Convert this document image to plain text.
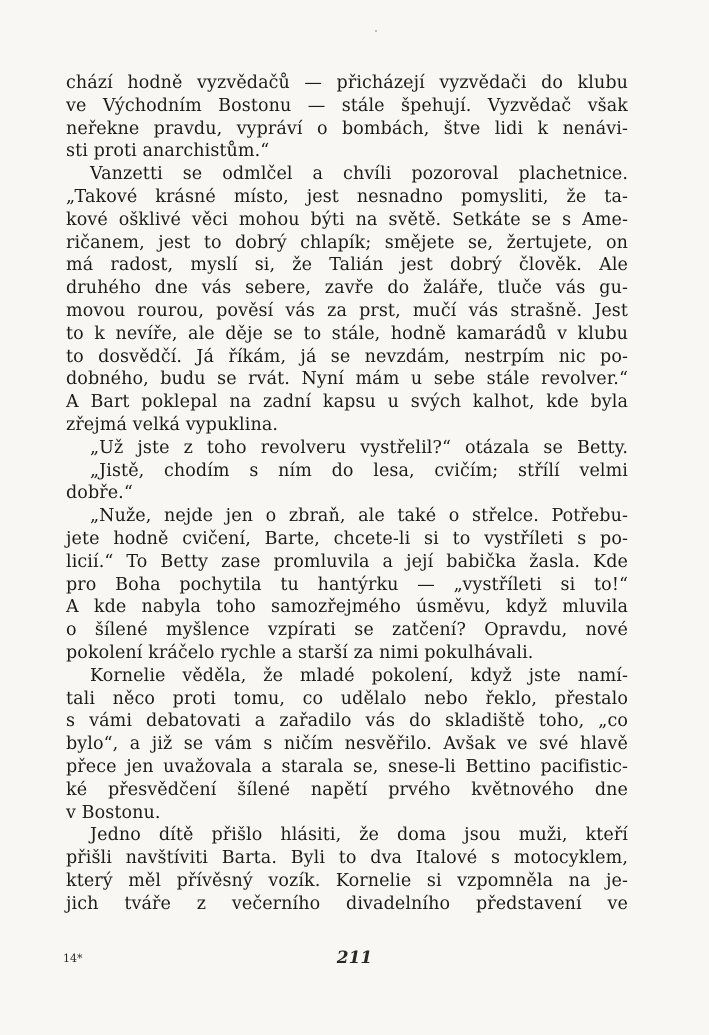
chází hodně vyzvědačů — přicházejí vyzvědači do klubu
ve Východním Bostonu — stále špehují. Vyzvědač však
neřekne pravdu, vypráví o bombách, štve lidi k nenávi-
sti proti anarchistům.“
Vanzetti se odmlčel a chvíli pozoroval plachetnice.
„Takové krásné místo, jest nesnadno pomysliti, že ta-
kové ošklivé věci mohou býti na světě. Setkáte se s Ame-
ričanem, jest to dobrý chlapík; smějete se, žertujete, on
má radost, myslí si, že Talián jest dobrý člověk. Ale
druhého dne vás sebere, zavře do žaláře, tluče vás gu-
movou rourou, pověsí vás za prst, mučí vás strašně. Jest
to k nevíře, ale děje se to stále, hodně kamarádů v klubu
to dosvědčí. Já říkám, já se nevzdám, nestrpím nic po-
dobného, budu se rvát. Nyní mám u sebe stále revolver.“
A Bart poklepal na zadní kapsu u svých kalhot, kde byla
zřejmá velká vypuklina.
„Už jste z toho revolveru vystřelil?“ otázala se Betty.
„Jistě, chodím s ním do lesa, cvičím; střílí velmi
dobře.“
„Nuže, nejde jen o zbraň, ale také o střelce. Potřebu-
jete hodně cvičení, Barte, chcete-li si to vystříleti s po-
licií.“ To Betty zase promluvila a její babička žasla. Kde
pro Boha pochytila tu hantýrku — „vystříleti si to!“
A kde nabyla toho samozřejmého úsměvu, když mluvila
o šílené myšlence vzpírati se zatčení? Opravdu, nové
pokolení kráčelo rychle a starší za nimi pokulhávali.
Kornelie věděla, že mladé pokolení, když jste namí-
tali něco proti tomu, co udělalo nebo řeklo, přestalo
s vámi debatovati a zařadilo vás do skladiště toho, „co
bylo“, a již se vám s ničím nesvěřilo. Avšak ve své hlavě
přece jen uvažovala a starala se, snese-li Bettino pacifistic-
ké přesvědčení šílené napětí prvého květnového dne
v Bostonu.
Jedno dítě přišlo hlásiti, že doma jsou muži, kteří
přišli navštíviti Barta. Byli to dva Italové s motocyklem,
který měl přívěsný vozík. Kornelie si vzpomněla na je-
jich tváře z večerního divadelního představení ve
14*	211
